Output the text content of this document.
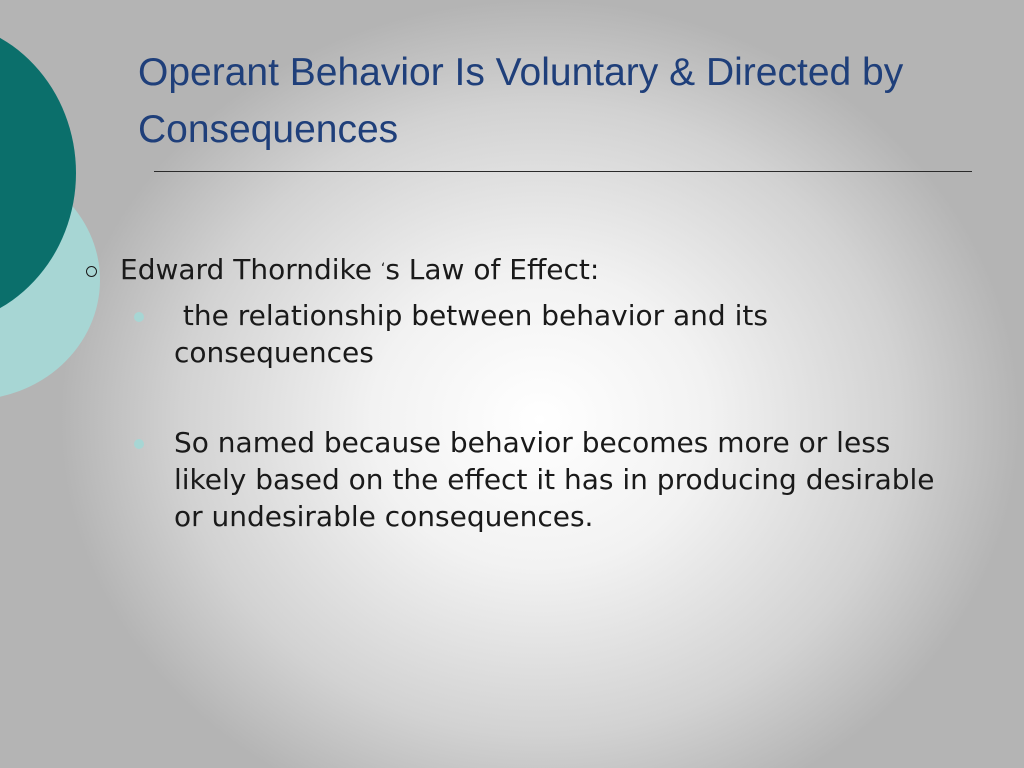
Operant Behavior Is Voluntary & Directed by Consequences
Edward Thorndike ‘s Law of Effect:
the relationship between behavior and its consequences
So named because behavior becomes more or less likely based on the effect it has in producing desirable or undesirable consequences.
